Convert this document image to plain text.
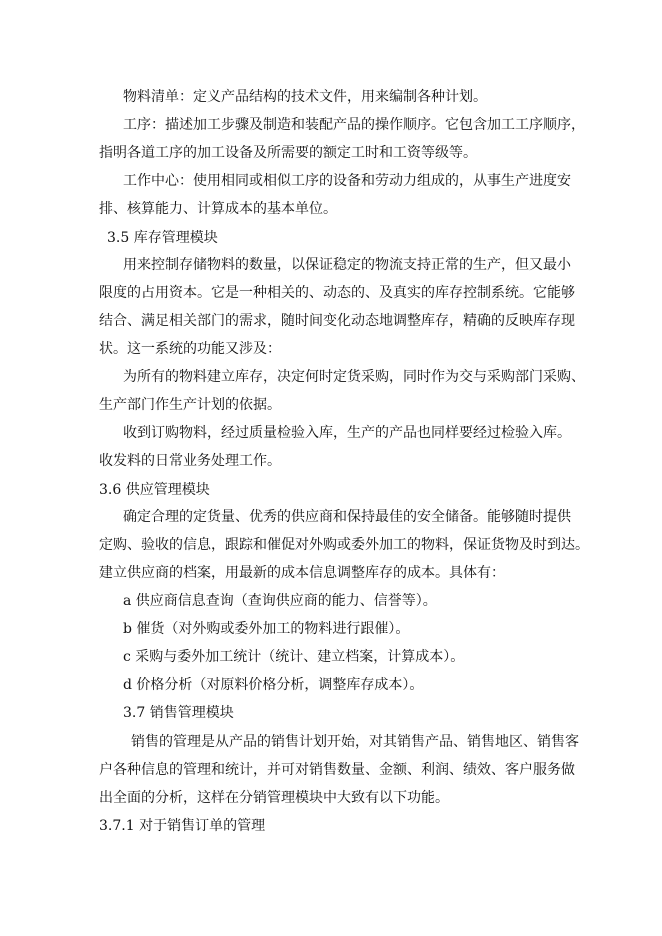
物料清单：定义产品结构的技术文件，用来编制各种计划。
工序：描述加工步骤及制造和装配产品的操作顺序。它包含加工工序顺序，
指明各道工序的加工设备及所需要的额定工时和工资等级等。
工作中心：使用相同或相似工序的设备和劳动力组成的，从事生产进度安
排、核算能力、计算成本的基本单位。
3.5 库存管理模块
用来控制存储物料的数量，以保证稳定的物流支持正常的生产，但又最小
限度的占用资本。它是一种相关的、动态的、及真实的库存控制系统。它能够
结合、满足相关部门的需求，随时间变化动态地调整库存，精确的反映库存现
状。这一系统的功能又涉及：
为所有的物料建立库存，决定何时定货采购，同时作为交与采购部门采购、
生产部门作生产计划的依据。
收到订购物料，经过质量检验入库，生产的产品也同样要经过检验入库。
收发料的日常业务处理工作。
3.6 供应管理模块
确定合理的定货量、优秀的供应商和保持最佳的安全储备。能够随时提供
定购、验收的信息，跟踪和催促对外购或委外加工的物料，保证货物及时到达。
建立供应商的档案，用最新的成本信息调整库存的成本。具体有：
a 供应商信息查询（查询供应商的能力、信誉等）。
b 催货（对外购或委外加工的物料进行跟催）。
c 采购与委外加工统计（统计、建立档案，计算成本）。
d 价格分析（对原料价格分析，调整库存成本）。
3.7 销售管理模块
销售的管理是从产品的销售计划开始，对其销售产品、销售地区、销售客
户各种信息的管理和统计，并可对销售数量、金额、利润、绩效、客户服务做
出全面的分析，这样在分销管理模块中大致有以下功能。
3.7.1 对于销售订单的管理
